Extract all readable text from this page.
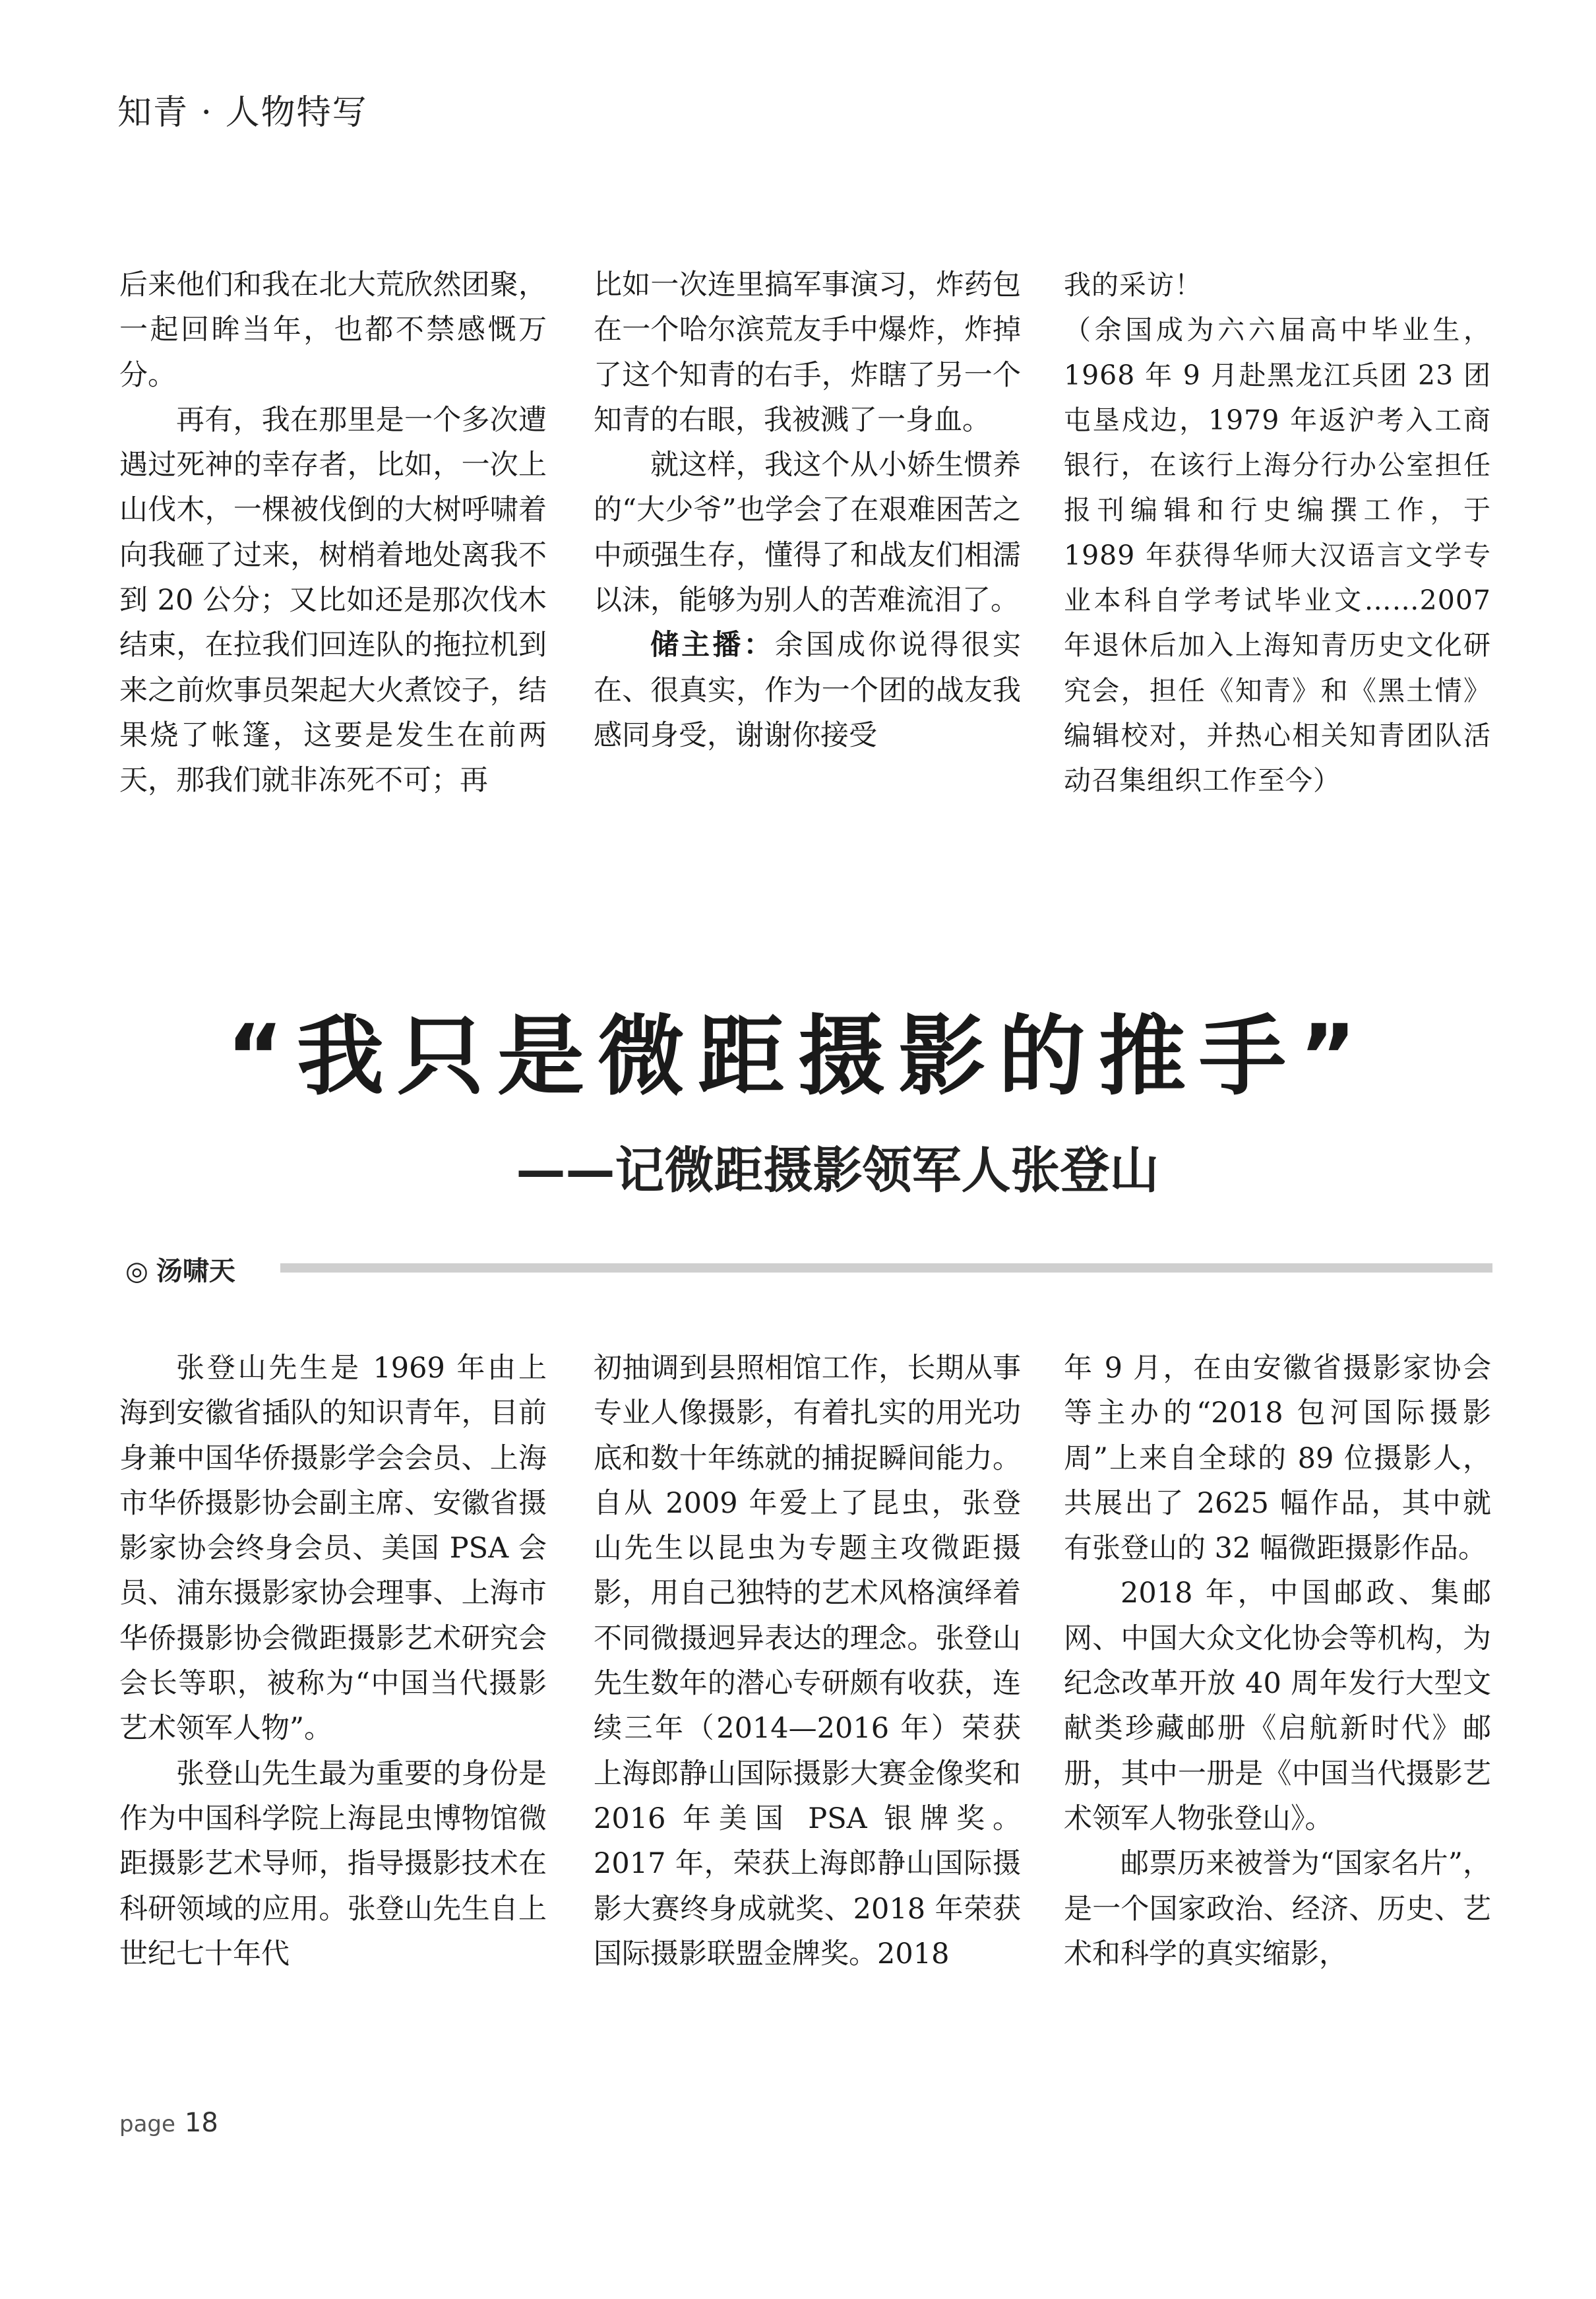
知青 · 人物特写

后来他们和我在北大荒欣然团聚，一起回眸当年，也都不禁感慨万分。

再有，我在那里是一个多次遭遇过死神的幸存者，比如，一次上山伐木，一棵被伐倒的大树呼啸着向我砸了过来，树梢着地处离我不到 20 公分；又比如还是那次伐木结束，在拉我们回连队的拖拉机到来之前炊事员架起大火煮饺子，结果烧了帐篷，这要是发生在前两天，那我们就非冻死不可；再

比如一次连里搞军事演习，炸药包在一个哈尔滨荒友手中爆炸，炸掉了这个知青的右手，炸瞎了另一个知青的右眼，我被溅了一身血。

就这样，我这个从小娇生惯养的“大少爷”也学会了在艰难困苦之中顽强生存，懂得了和战友们相濡以沫，能够为别人的苦难流泪了。

储主播：余国成你说得很实在、很真实，作为一个团的战友我感同身受，谢谢你接受

我的采访！

（余国成为六六届高中毕业生，1968 年 9 月赴黑龙江兵团 23 团屯垦戍边，1979 年返沪考入工商银行，在该行上海分行办公室担任报刊编辑和行史编撰工作，于 1989 年获得华师大汉语言文学专业本科自学考试毕业文……2007 年退休后加入上海知青历史文化研究会，担任《知青》和《黑土情》编辑校对，并热心相关知青团队活动召集组织工作至今）

“我只是微距摄影的推手”
——记微距摄影领军人张登山
◎ 汤啸天

张登山先生是 1969 年由上海到安徽省插队的知识青年，目前身兼中国华侨摄影学会会员、上海市华侨摄影协会副主席、安徽省摄影家协会终身会员、美国 PSA 会员、浦东摄影家协会理事、上海市华侨摄影协会微距摄影艺术研究会会长等职，被称为“中国当代摄影艺术领军人物”。

张登山先生最为重要的身份是作为中国科学院上海昆虫博物馆微距摄影艺术导师，指导摄影技术在科研领域的应用。张登山先生自上世纪七十年代

初抽调到县照相馆工作，长期从事专业人像摄影，有着扎实的用光功底和数十年练就的捕捉瞬间能力。自从 2009 年爱上了昆虫，张登山先生以昆虫为专题主攻微距摄影，用自己独特的艺术风格演绎着不同微摄迥异表达的理念。张登山先生数年的潜心专研颇有收获，连续三年（2014—2016 年）荣获上海郎静山国际摄影大赛金像奖和 2016 年美国 PSA 银牌奖。2017 年，荣获上海郎静山国际摄影大赛终身成就奖、2018 年荣获国际摄影联盟金牌奖。2018

年 9 月，在由安徽省摄影家协会等主办的“2018 包河国际摄影周”上来自全球的 89 位摄影人，共展出了 2625 幅作品，其中就有张登山的 32 幅微距摄影作品。

2018 年，中国邮政、集邮网、中国大众文化协会等机构，为纪念改革开放 40 周年发行大型文献类珍藏邮册《启航新时代》邮册，其中一册是《中国当代摄影艺术领军人物张登山》。

邮票历来被誉为“国家名片”，是一个国家政治、经济、历史、艺术和科学的真实缩影，

page 18
